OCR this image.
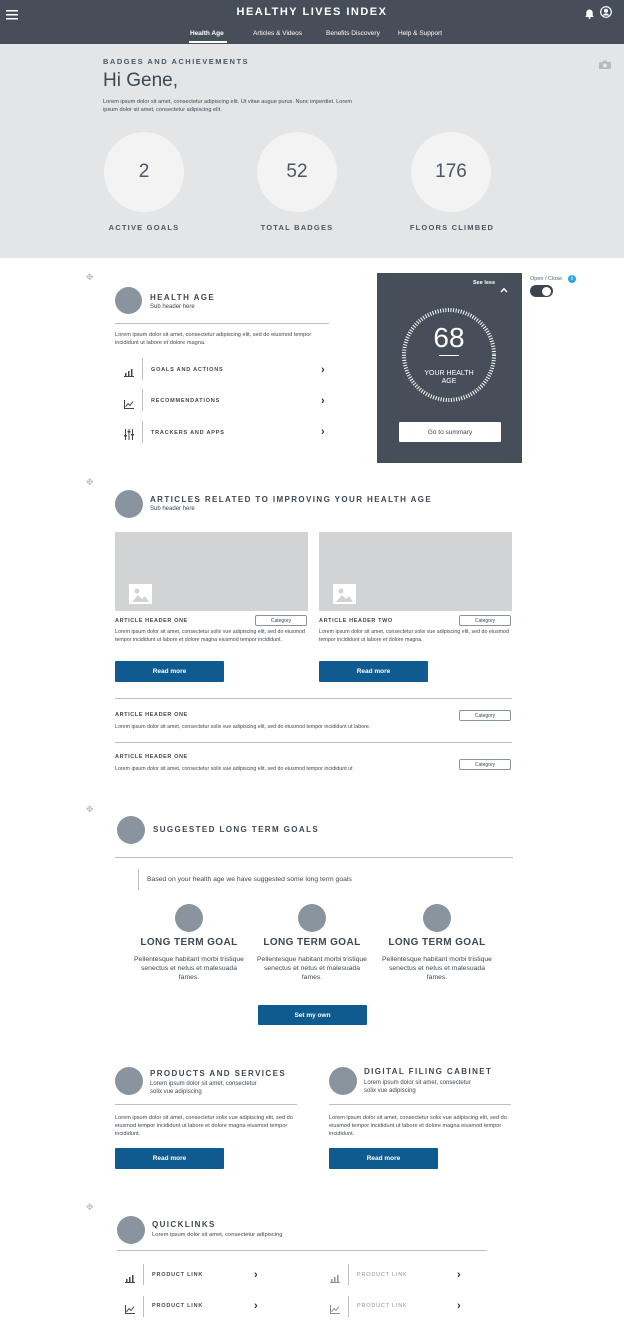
HEALTHY LIVES INDEX
Health Age	Articles & Videos	Benefits Discovery	Help & Support
BADGES AND ACHIEVEMENTS
Hi Gene,
Lorem ipsum dolor sit amet, consectetur adipiscing elit. Ut vitae augue purus. Nunc imperdiet. Lorem ipsum dolor sit amet, consectetur adipiscing elit.
2	52	176
ACTIVE GOALS	TOTAL BADGES	FLOORS CLIMBED
✥
HEALTH AGE
Sub header here
Lorem ipsum dolor sit amet, consectetur adipiscing elit, sed do eiusmod tempor incididunt ut labore et dolore magna.
GOALS AND ACTIONS	›
RECOMMENDATIONS	›
TRACKERS AND APPS	›
See less
68
YOUR HEALTH
AGE
Go to summary
Open / Close	i
✥
ARTICLES RELATED TO IMPROVING YOUR HEALTH AGE
Sub header here
ARTICLE HEADER ONE	Category
Lorem ipsum dolor sit amet, consectetur solix vue adipiscing elit, sed do eiusmod tempor incididunt ut labore et dolore magna eiusmod tempor incididunt.
Read more
ARTICLE HEADER TWO	Category
Lorem ipsum dolor sit amet, consectetur solix vue adipiscing elit, sed do eiusmod tempor incididunt ut labore et dolore magna.
Read more
ARTICLE HEADER ONE	Category
Lorem ipsum dolor sit amet, consectetur solix vue adipiscing elit, sed do eiusmod tempor incididunt ut labore.
ARTICLE HEADER ONE
Category
Lorem ipsum dolor sit amet, consectetur solix vue adipiscing elit, sed do eiusmod tempor incididunt ut
✥
SUGGESTED LONG TERM GOALS
Based on your health age we have suggested some long term goals
LONG TERM GOAL
Pellentesque habitant morbi tristique senectus et netus et malesuada fames.
LONG TERM GOAL
Pellentesque habitant morbi tristique senectus et netus et malesuada fames.
LONG TERM GOAL
Pellentesque habitant morbi tristique senectus et netus et malesuada fames.
Set my own
PRODUCTS AND SERVICES
Lorem ipsum dolor sit amet, consectetur solix vue adipiscing
Lorem ipsum dolor sit amet, consectetur solix vue adipiscing elit, sed do eiusmod tempor incididunt ut labore et dolore magna eiusmod tempor incididunt.
Read more
DIGITAL FILING CABINET
Lorem ipsum dolor sit amet, consectetur solix vue adipiscing
Lorem ipsum dolor sit amet, consectetur solix vue adipiscing elit, sed do eiusmod tempor incididunt ut labore et dolore magna eiusmod tempor incididunt.
Read more
✥
QUICKLINKS
Lorem ipsum dolor sit amet, consectetur adipiscing
PRODUCT LINK	›	PRODUCT LINK	›
PRODUCT LINK	›	PRODUCT LINK	›
